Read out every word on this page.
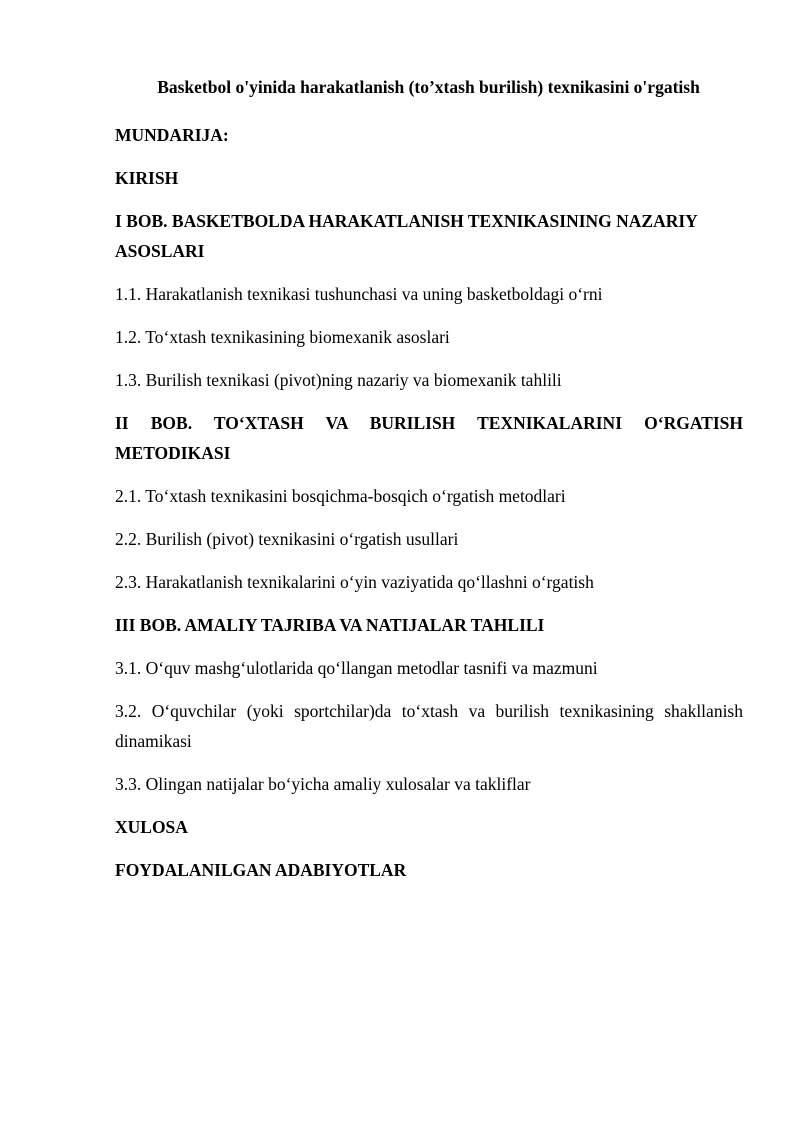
Basketbol o'yinida harakatlanish (to’xtash burilish) texnikasini o'rgatish
MUNDARIJA:
KIRISH
I BOB. BASKETBOLDA HARAKATLANISH TEXNIKASINING NAZARIY
ASOSLARI
1.1. Harakatlanish texnikasi tushunchasi va uning basketboldagi o‘rni
1.2. To‘xtash texnikasining biomexanik asoslari
1.3. Burilish texnikasi (pivot)ning nazariy va biomexanik tahlili
II BOB. TO‘XTASH VA BURILISH TEXNIKALARINI O‘RGATISH
METODIKASI
2.1. To‘xtash texnikasini bosqichma-bosqich o‘rgatish metodlari
2.2. Burilish (pivot) texnikasini o‘rgatish usullari
2.3. Harakatlanish texnikalarini o‘yin vaziyatida qo‘llashni o‘rgatish
III BOB. AMALIY TAJRIBA VA NATIJALAR TAHLILI
3.1. O‘quv mashg‘ulotlarida qo‘llangan metodlar tasnifi va mazmuni
3.2. O‘quvchilar (yoki sportchilar)da to‘xtash va burilish texnikasining shakllanish
dinamikasi
3.3. Olingan natijalar bo‘yicha amaliy xulosalar va takliflar
XULOSA
FOYDALANILGAN ADABIYOTLAR
